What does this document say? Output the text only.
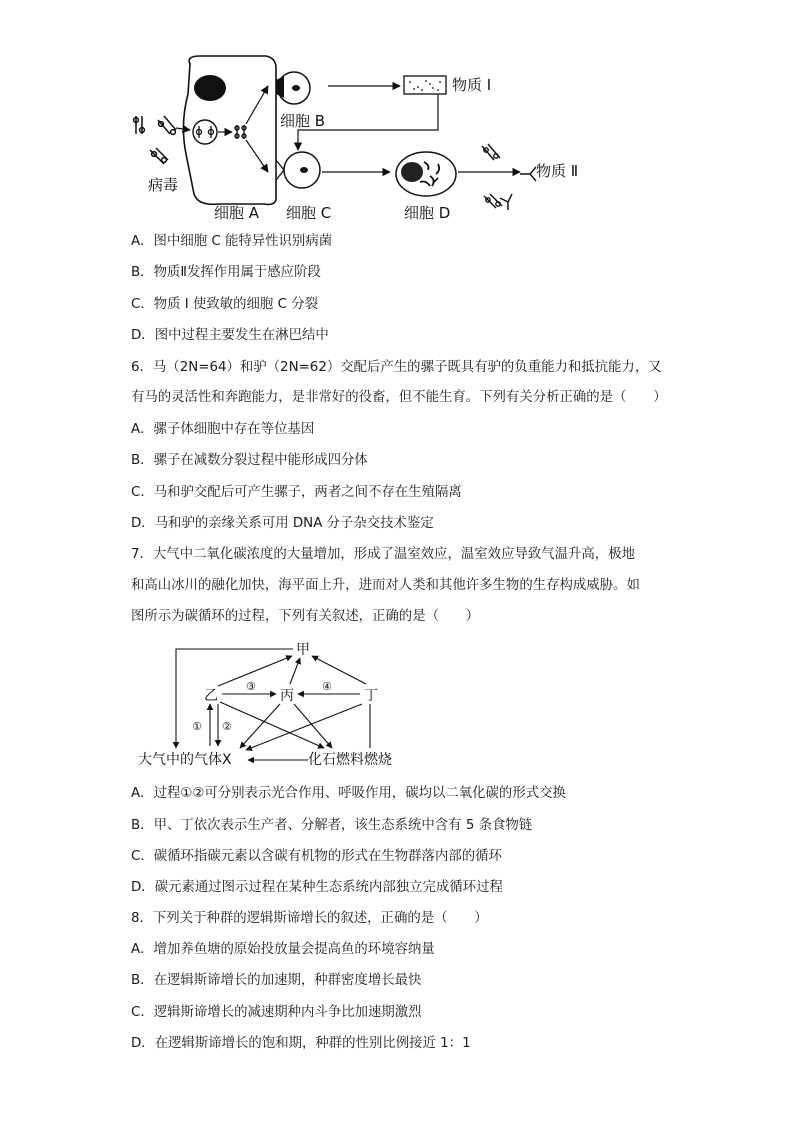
病毒
细胞 B
物质 I
细胞 A 细胞 C	细胞 D
物质 Ⅱ
A．图中细胞 C 能特异性识别病菌
B．物质Ⅱ发挥作用属于感应阶段
C．物质 I 使致敏的细胞 C 分裂
D．图中过程主要发生在淋巴结中
6．马（2N=64）和驴（2N=62）交配后产生的骡子既具有驴的负重能力和抵抗能力，又
有马的灵活性和奔跑能力，是非常好的役畜，但不能生育。下列有关分析正确的是（　　）
A．骡子体细胞中存在等位基因
B．骡子在减数分裂过程中能形成四分体
C．马和驴交配后可产生骡子，两者之间不存在生殖隔离
D．马和驴的亲缘关系可用 DNA 分子杂交技术鉴定
7．大气中二氧化碳浓度的大量增加，形成了温室效应，温室效应导致气温升高，极地
和高山冰川的融化加快，海平面上升，进而对人类和其他许多生物的生存构成威胁。如
图所示为碳循环的过程，下列有关叙述，正确的是（　　）
甲
乙	丙	丁
大气中的气体X	化石燃料燃烧
③	④
① ②
A．过程①②可分别表示光合作用、呼吸作用，碳均以二氧化碳的形式交换
B．甲、丁依次表示生产者、分解者，该生态系统中含有 5 条食物链
C．碳循环指碳元素以含碳有机物的形式在生物群落内部的循环
D．碳元素通过图示过程在某种生态系统内部独立完成循环过程
8．下列关于种群的逻辑斯谛增长的叙述，正确的是（　　）
A．增加养鱼塘的原始投放量会提高鱼的环境容纳量
B．在逻辑斯谛增长的加速期，种群密度增长最快
C．逻辑斯谛增长的减速期种内斗争比加速期激烈
D．在逻辑斯谛增长的饱和期，种群的性别比例接近 1：1
